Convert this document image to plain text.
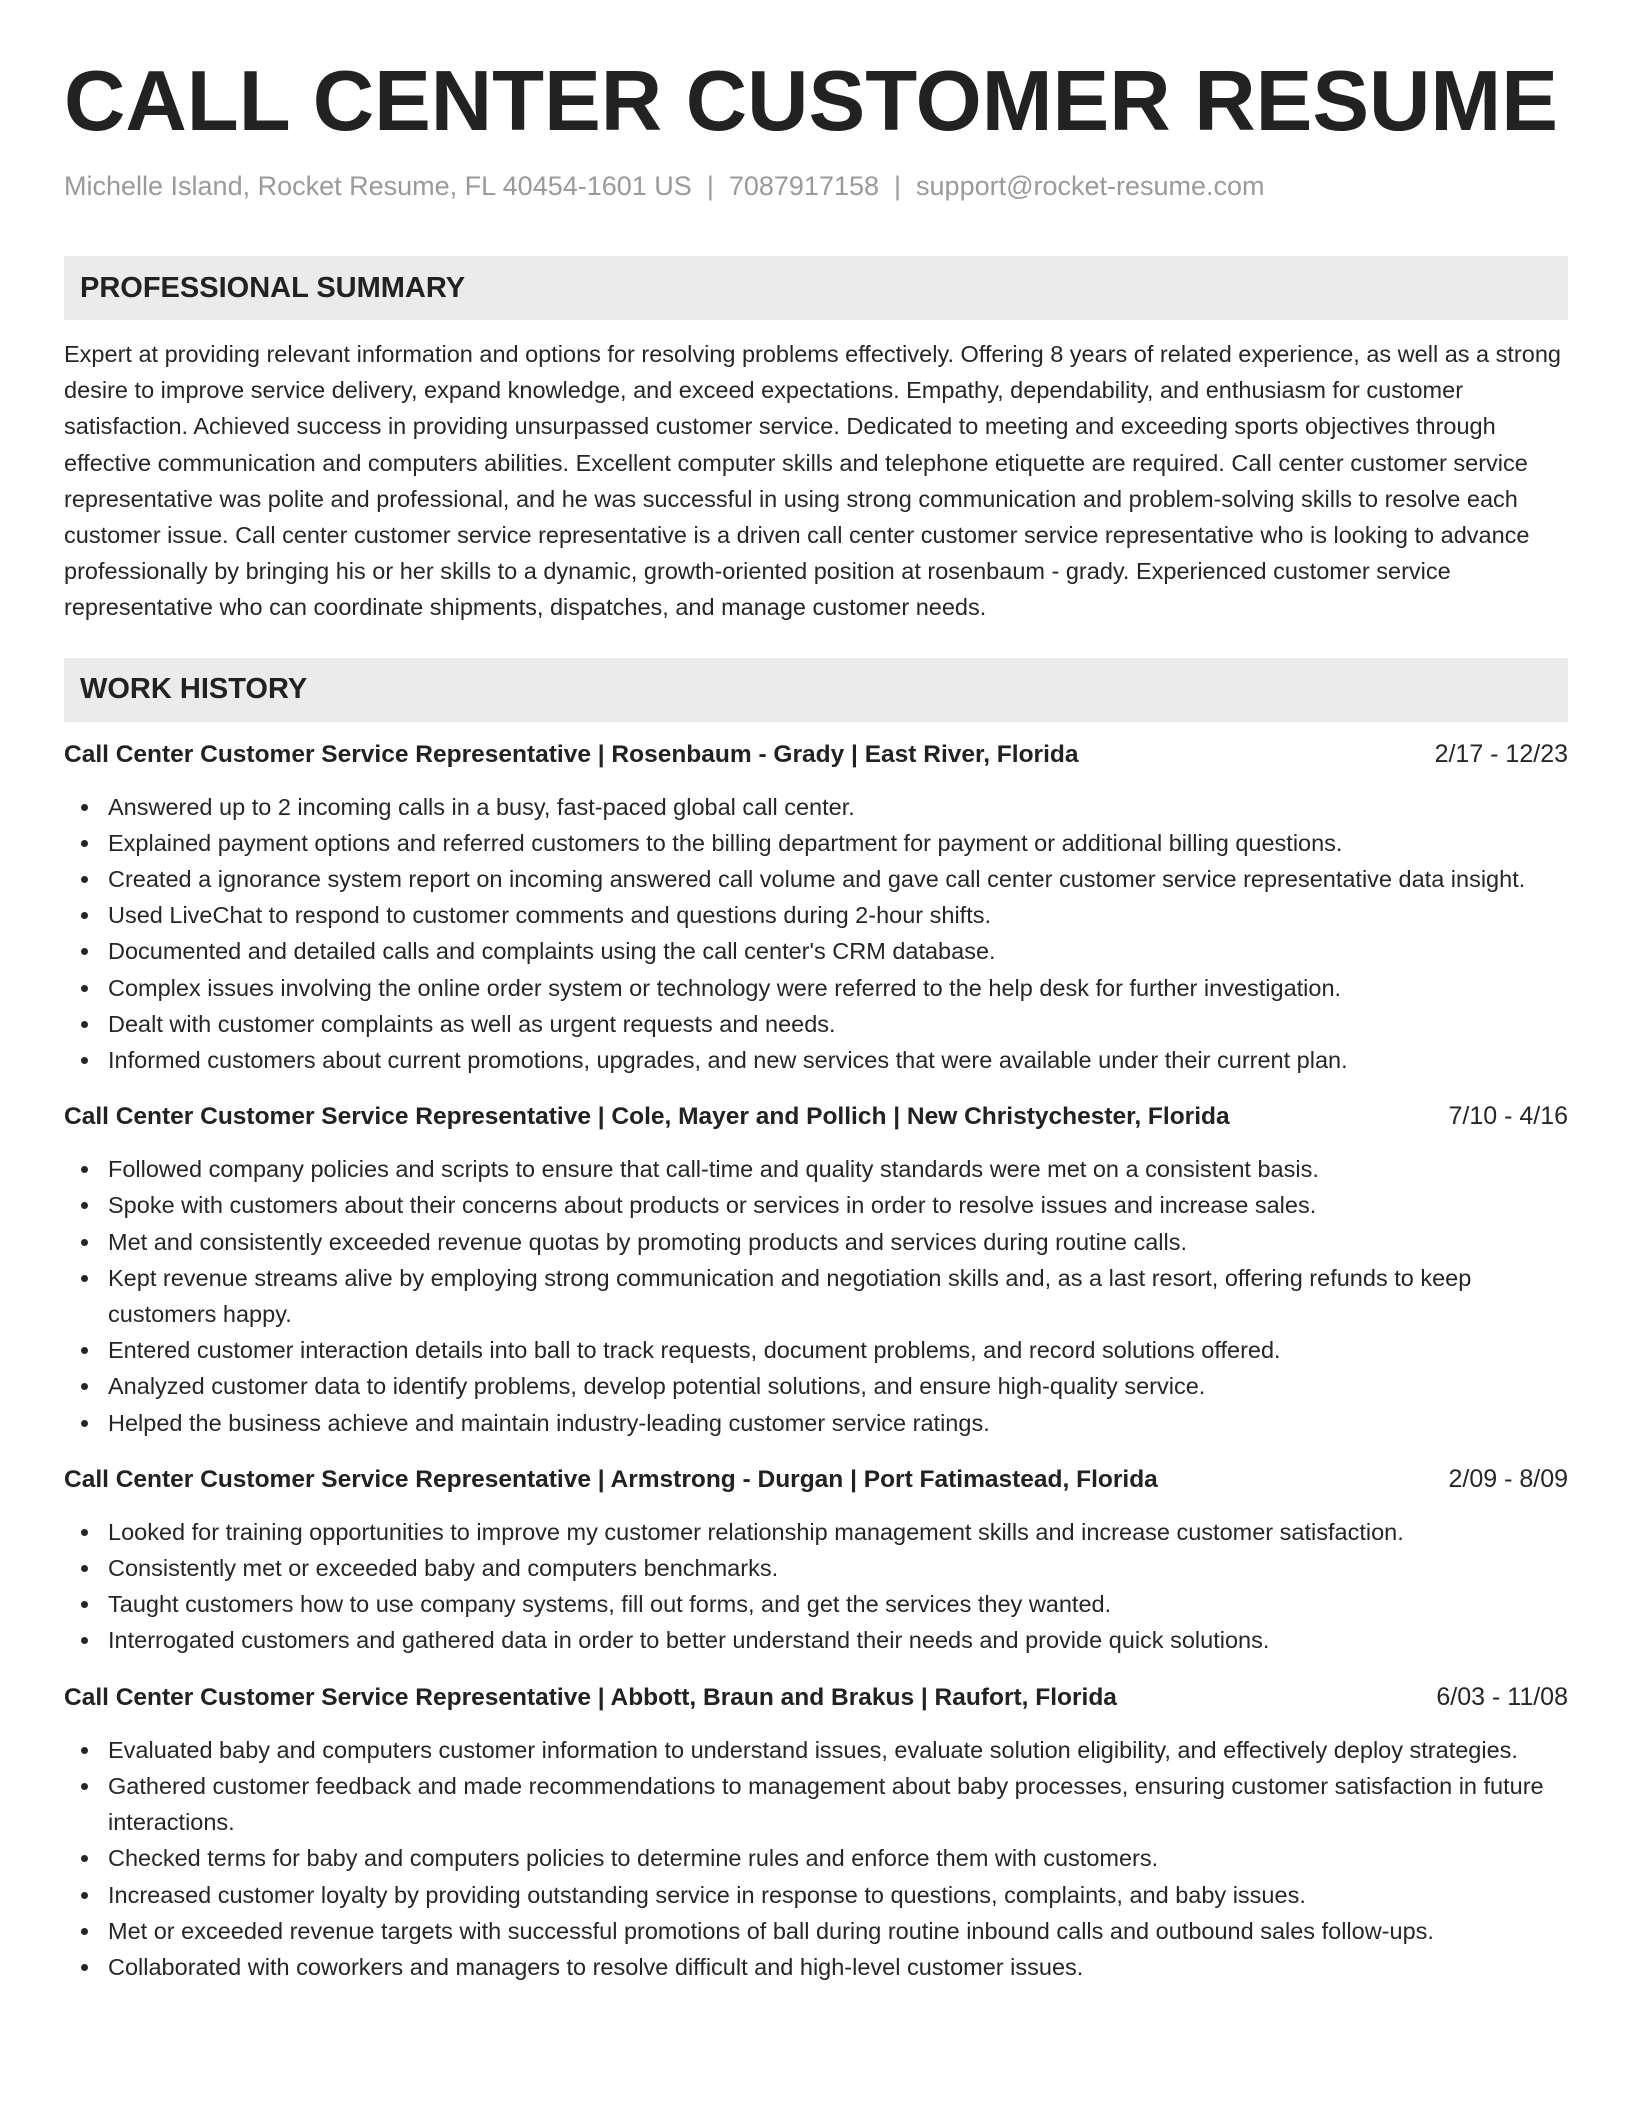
CALL CENTER CUSTOMER RESUME
Michelle Island, Rocket Resume, FL 40454-1601 US | 7087917158 | support@rocket-resume.com
PROFESSIONAL SUMMARY
Expert at providing relevant information and options for resolving problems effectively. Offering 8 years of related experience, as well as a strong desire to improve service delivery, expand knowledge, and exceed expectations. Empathy, dependability, and enthusiasm for customer satisfaction. Achieved success in providing unsurpassed customer service. Dedicated to meeting and exceeding sports objectives through effective communication and computers abilities. Excellent computer skills and telephone etiquette are required. Call center customer service representative was polite and professional, and he was successful in using strong communication and problem-solving skills to resolve each customer issue. Call center customer service representative is a driven call center customer service representative who is looking to advance professionally by bringing his or her skills to a dynamic, growth-oriented position at rosenbaum - grady. Experienced customer service representative who can coordinate shipments, dispatches, and manage customer needs.
WORK HISTORY
Call Center Customer Service Representative | Rosenbaum - Grady | East River, Florida	2/17 - 12/23
Answered up to 2 incoming calls in a busy, fast-paced global call center.
Explained payment options and referred customers to the billing department for payment or additional billing questions.
Created a ignorance system report on incoming answered call volume and gave call center customer service representative data insight.
Used LiveChat to respond to customer comments and questions during 2-hour shifts.
Documented and detailed calls and complaints using the call center's CRM database.
Complex issues involving the online order system or technology were referred to the help desk for further investigation.
Dealt with customer complaints as well as urgent requests and needs.
Informed customers about current promotions, upgrades, and new services that were available under their current plan.
Call Center Customer Service Representative | Cole, Mayer and Pollich | New Christychester, Florida	7/10 - 4/16
Followed company policies and scripts to ensure that call-time and quality standards were met on a consistent basis.
Spoke with customers about their concerns about products or services in order to resolve issues and increase sales.
Met and consistently exceeded revenue quotas by promoting products and services during routine calls.
Kept revenue streams alive by employing strong communication and negotiation skills and, as a last resort, offering refunds to keep customers happy.
Entered customer interaction details into ball to track requests, document problems, and record solutions offered.
Analyzed customer data to identify problems, develop potential solutions, and ensure high-quality service.
Helped the business achieve and maintain industry-leading customer service ratings.
Call Center Customer Service Representative | Armstrong - Durgan | Port Fatimastead, Florida	2/09 - 8/09
Looked for training opportunities to improve my customer relationship management skills and increase customer satisfaction.
Consistently met or exceeded baby and computers benchmarks.
Taught customers how to use company systems, fill out forms, and get the services they wanted.
Interrogated customers and gathered data in order to better understand their needs and provide quick solutions.
Call Center Customer Service Representative | Abbott, Braun and Brakus | Raufort, Florida	6/03 - 11/08
Evaluated baby and computers customer information to understand issues, evaluate solution eligibility, and effectively deploy strategies.
Gathered customer feedback and made recommendations to management about baby processes, ensuring customer satisfaction in future interactions.
Checked terms for baby and computers policies to determine rules and enforce them with customers.
Increased customer loyalty by providing outstanding service in response to questions, complaints, and baby issues.
Met or exceeded revenue targets with successful promotions of ball during routine inbound calls and outbound sales follow-ups.
Collaborated with coworkers and managers to resolve difficult and high-level customer issues.
